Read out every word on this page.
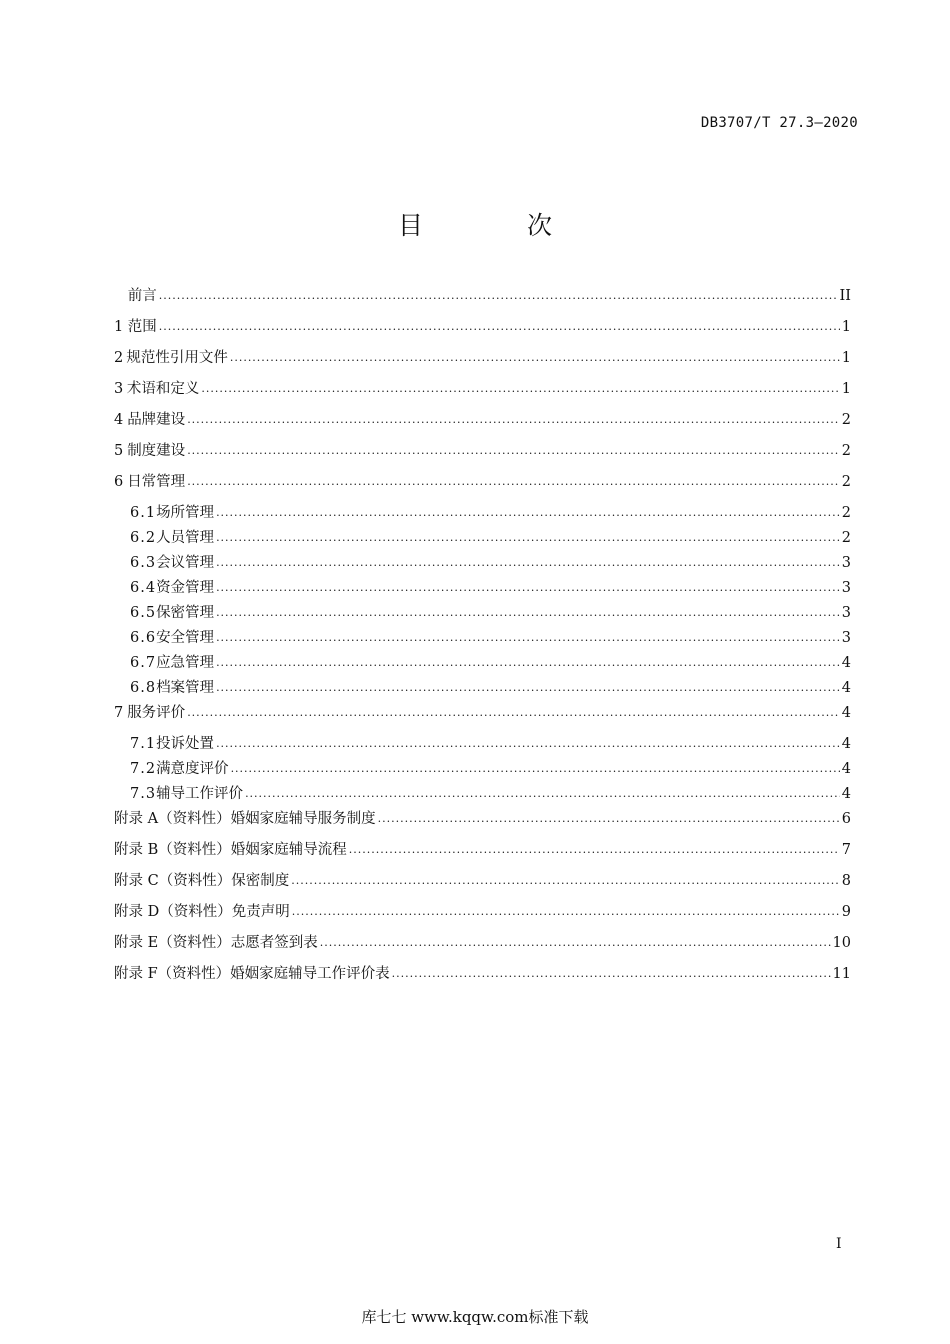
DB3707/T 27.3—2020
目 次
前言 .....	II
1 范围 .....	1
2 规范性引用文件 .....	1
3 术语和定义 .....	1
4 品牌建设 .....	2
5 制度建设 .....	2
6 日常管理 .....	2
6.1 场所管理 .....	2
6.2 人员管理 .....	2
6.3 会议管理 .....	3
6.4 资金管理 .....	3
6.5 保密管理 .....	3
6.6 安全管理 .....	3
6.7 应急管理 .....	4
6.8 档案管理 .....	4
7 服务评价 .....	4
7.1 投诉处置 .....	4
7.2 满意度评价 .....	4
7.3 辅导工作评价 .....	4
附录 A （资料性） 婚姻家庭辅导服务制度 .....	6
附录 B （资料性） 婚姻家庭辅导流程 .....	7
附录 C （资料性） 保密制度 .....	8
附录 D （资料性） 免责声明 .....	9
附录 E （资料性） 志愿者签到表 .....	10
附录 F （资料性） 婚姻家庭辅导工作评价表 .....	11
I
库七七 www.kqqw.com标准下载
